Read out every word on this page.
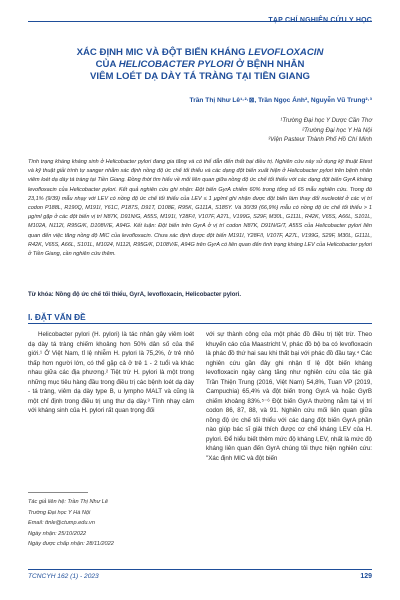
XÁC ĐỊNH MIC VÀ ĐỘT BIẾN KHÁNG LEVOFLOXACIN
CỦA HELICOBACTER PYLORI Ở BỆNH NHÂN
VIÊM LOÉT DẠ DÀY TÁ TRÀNG TẠI TIỀN GIANG
Trần Thị Như Lê¹·²·⊠, Trần Ngọc Ánh², Nguyễn Vũ Trung²·³
¹Trường Đại học Y Dược Cần Thơ
²Trường Đại học Y Hà Nội
³Viện Pasteur Thành Phố Hồ Chí Minh

Tình trạng kháng kháng sinh ở Helicobacter pylori đang gia tăng và có thể dẫn đến thất bại điều trị. Nghiên cứu này sử dụng kỹ thuật Etest và kỹ thuật giải trình tự sanger nhằm xác định nồng độ ức chế tối thiểu và các dạng đột biến xuất hiện ở Helicobacter pylori trên bệnh nhân viêm loét dạ dày tá tràng tại Tiền Giang. Đồng thời tìm hiểu về mối liên quan giữa nồng độ ức chế tối thiểu với các dạng đột biến GyrA kháng levofloxacin của Helicobacter pylori. Kết quả nghiên cứu ghi nhận: Đột biến GyrA chiếm 60% trong tổng số 65 mẫu nghiên cứu. Trong đó 23,1% (9/39) mẫu nhạy với LEV có nồng độ ức chế tối thiểu của LEV ≤ 1 µg/ml ghi nhận được đột biến làm thay đổi nucleotid ở các vị trí codon P188L, R190Q, M191I, Y61C, P187S, D91T, D108E, R95K, G111A, S185Y. Và 30/39 (66,9%) mẫu có nồng độ ức chế tối thiểu > 1 µg/ml gặp ở các đột biến vị trí N87K, D91N/G, A55S, M191I, Y28F/I, V107F, A27L, V199G, S29F, M30L, G111L, R42K, V65S, A66L, S101L, M102A, N112I, R95G/K, D108V/E, A94G. Kết luận: Đột biến trên GyrA ở vị trí codon N87K, D91N/G/T, A55S của Helicobacter pylori liên quan đến việc tăng nồng độ MIC của levofloxacin. Chưa xác định được đột biến M191I, Y28F/I, V107F, A27L, V199G, S29F, M30L, G111L, R42K, V65S, A66L, S101L, M1024, N112I, R95G/K, D108V/E, A94G trên GyrA có liên quan đến tình trạng kháng LEV của Helicobacter pylori ở Tiền Giang, cần nghiên cứu thêm.

Từ khóa: Nồng độ ức chế tối thiểu, GyrA, levofloxacin, Helicobacter pylori.
I. ĐẶT VẤN ĐỀ

Helicobacter pylori (H. pylori) là tác nhân gây viêm loét dạ dày tá tràng chiếm khoảng hơn 50% dân số của thế giới.¹ Ở Việt Nam, tỉ lệ nhiễm H. pylori là 75,2%, ở trẻ nhỏ thấp hơn người lớn, có thể gặp cả ở trẻ 1 - 2 tuổi và khác nhau giữa các địa phương.² Tiệt trừ H. pylori là một trong những mục tiêu hàng đầu trong điều trị các bệnh loét dạ dày - tá tràng, viêm dạ dày type B, u lympho MALT và cũng là một chỉ định trong điều trị ung thư dạ dày.³ Tính nhạy cảm với kháng sinh của H. pylori rất quan trọng đối

với sự thành công của một phác đồ điều trị tiệt trừ. Theo khuyến cáo của Maastricht V, phác đồ bộ ba có levofloxacin là phác đồ thứ hai sau khi thất bại với phác đồ đầu tay.⁴ Các nghiên cứu gần đây ghi nhận tỉ lệ đột biến kháng levofloxacin ngày càng tăng như nghiên cứu của tác giả Trần Thiện Trung (2016, Việt Nam) 54,8%, Tuan VP (2019, Campuchia) 65,4% và đột biến trong GyrA và hoặc GyrB chiếm khoảng 83%.⁵⁻⁶ Đột biến GyrA thường nằm tại vị trí codon 86, 87, 88, và 91. Nghiên cứu mối liên quan giữa nồng độ ức chế tối thiểu với các dạng đột biến GyrA phần nào giúp bác sĩ giải thích được cơ chế kháng LEV của H. pylori. Để hiểu biết thêm mức độ kháng LEV, nhất là mức độ kháng liên quan đến GyrA chúng tôi thực hiện nghiên cứu: "Xác định MIC và đột biến

Tác giả liên hệ: Trần Thị Như Lê
Trường Đại học Y Hà Nội
Email: ttnle@ctump.edu.vn
Ngày nhận: 25/10/2022
Ngày được chấp nhận: 28/11/2022
TCNCYH 162 (1) - 2023	129
